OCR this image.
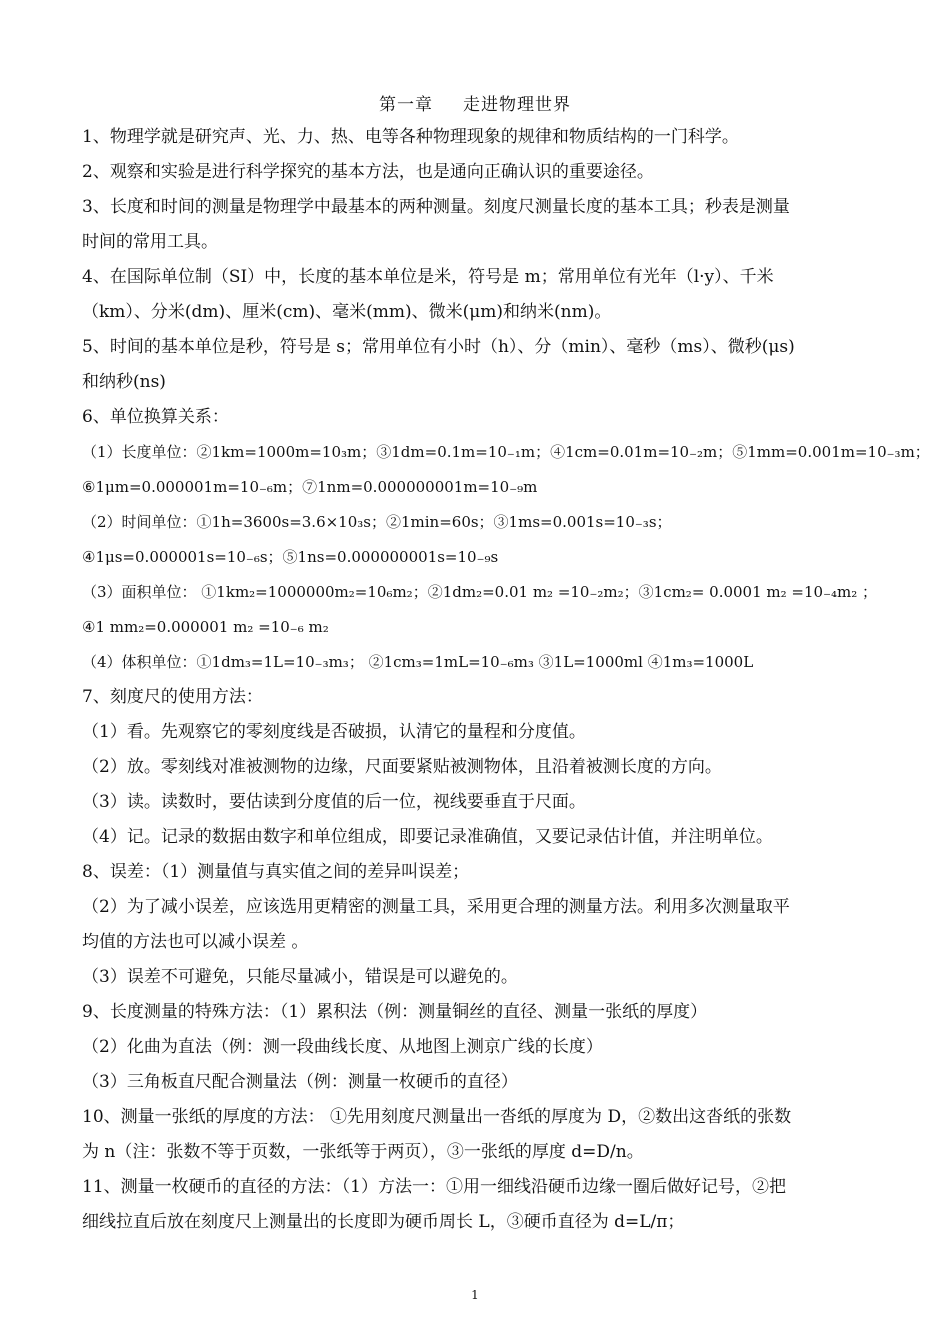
第一章 走进物理世界
1、物理学就是研究声、光、力、热、电等各种物理现象的规律和物质结构的一门科学。
2、观察和实验是进行科学探究的基本方法，也是通向正确认识的重要途径。
3、长度和时间的测量是物理学中最基本的两种测量。刻度尺测量长度的基本工具；秒表是测量
时间的常用工具。
4、在国际单位制（SI）中，长度的基本单位是米，符号是 m；常用单位有光年（l·y）、千米
（km）、分米(dm)、厘米(cm)、毫米(mm)、微米(μm)和纳米(nm)。
5、时间的基本单位是秒，符号是 s；常用单位有小时（h）、分（min）、毫秒（ms）、微秒(μs)
和纳秒(ns)
6、单位换算关系：
（1）长度单位：②1km=1000m=10₃m；③1dm=0.1m=10₋₁m；④1cm=0.01m=10₋₂m；⑤1mm=0.001m=10₋₃m；
⑥1μm=0.000001m=10₋₆m；⑦1nm=0.000000001m=10₋₉m
（2）时间单位：①1h=3600s=3.6×10₃s；②1min=60s；③1ms=0.001s=10₋₃s；
④1μs=0.000001s=10₋₆s；⑤1ns=0.000000001s=10₋₉s
（3）面积单位： ①1km₂=1000000m₂=10₆m₂；②1dm₂=0.01 m₂ =10₋₂m₂；③1cm₂= 0.0001 m₂ =10₋₄m₂ ；
④1 mm₂=0.000001 m₂ =10₋₆ m₂
（4）体积单位：①1dm₃=1L=10₋₃m₃； ②1cm₃=1mL=10₋₆m₃ ③1L=1000ml ④1m₃=1000L
7、刻度尺的使用方法：
（1）看。先观察它的零刻度线是否破损，认清它的量程和分度值。
（2）放。零刻线对准被测物的边缘，尺面要紧贴被测物体，且沿着被测长度的方向。
（3）读。读数时，要估读到分度值的后一位，视线要垂直于尺面。
（4）记。记录的数据由数字和单位组成，即要记录准确值，又要记录估计值，并注明单位。
8、误差：（1）测量值与真实值之间的差异叫误差；
（2）为了减小误差，应该选用更精密的测量工具，采用更合理的测量方法。利用多次测量取平
均值的方法也可以减小误差 。
（3）误差不可避免，只能尽量减小，错误是可以避免的。
9、长度测量的特殊方法：（1）累积法（例：测量铜丝的直径、测量一张纸的厚度）
（2）化曲为直法（例：测一段曲线长度、从地图上测京广线的长度）
（3）三角板直尺配合测量法（例：测量一枚硬币的直径）
10、测量一张纸的厚度的方法： ①先用刻度尺测量出一沓纸的厚度为 D，②数出这沓纸的张数
为 n（注：张数不等于页数，一张纸等于两页），③一张纸的厚度 d=D/n。
11、测量一枚硬币的直径的方法：（1）方法一：①用一细线沿硬币边缘一圈后做好记号，②把
细线拉直后放在刻度尺上测量出的长度即为硬币周长 L，③硬币直径为 d=L/π；
1
